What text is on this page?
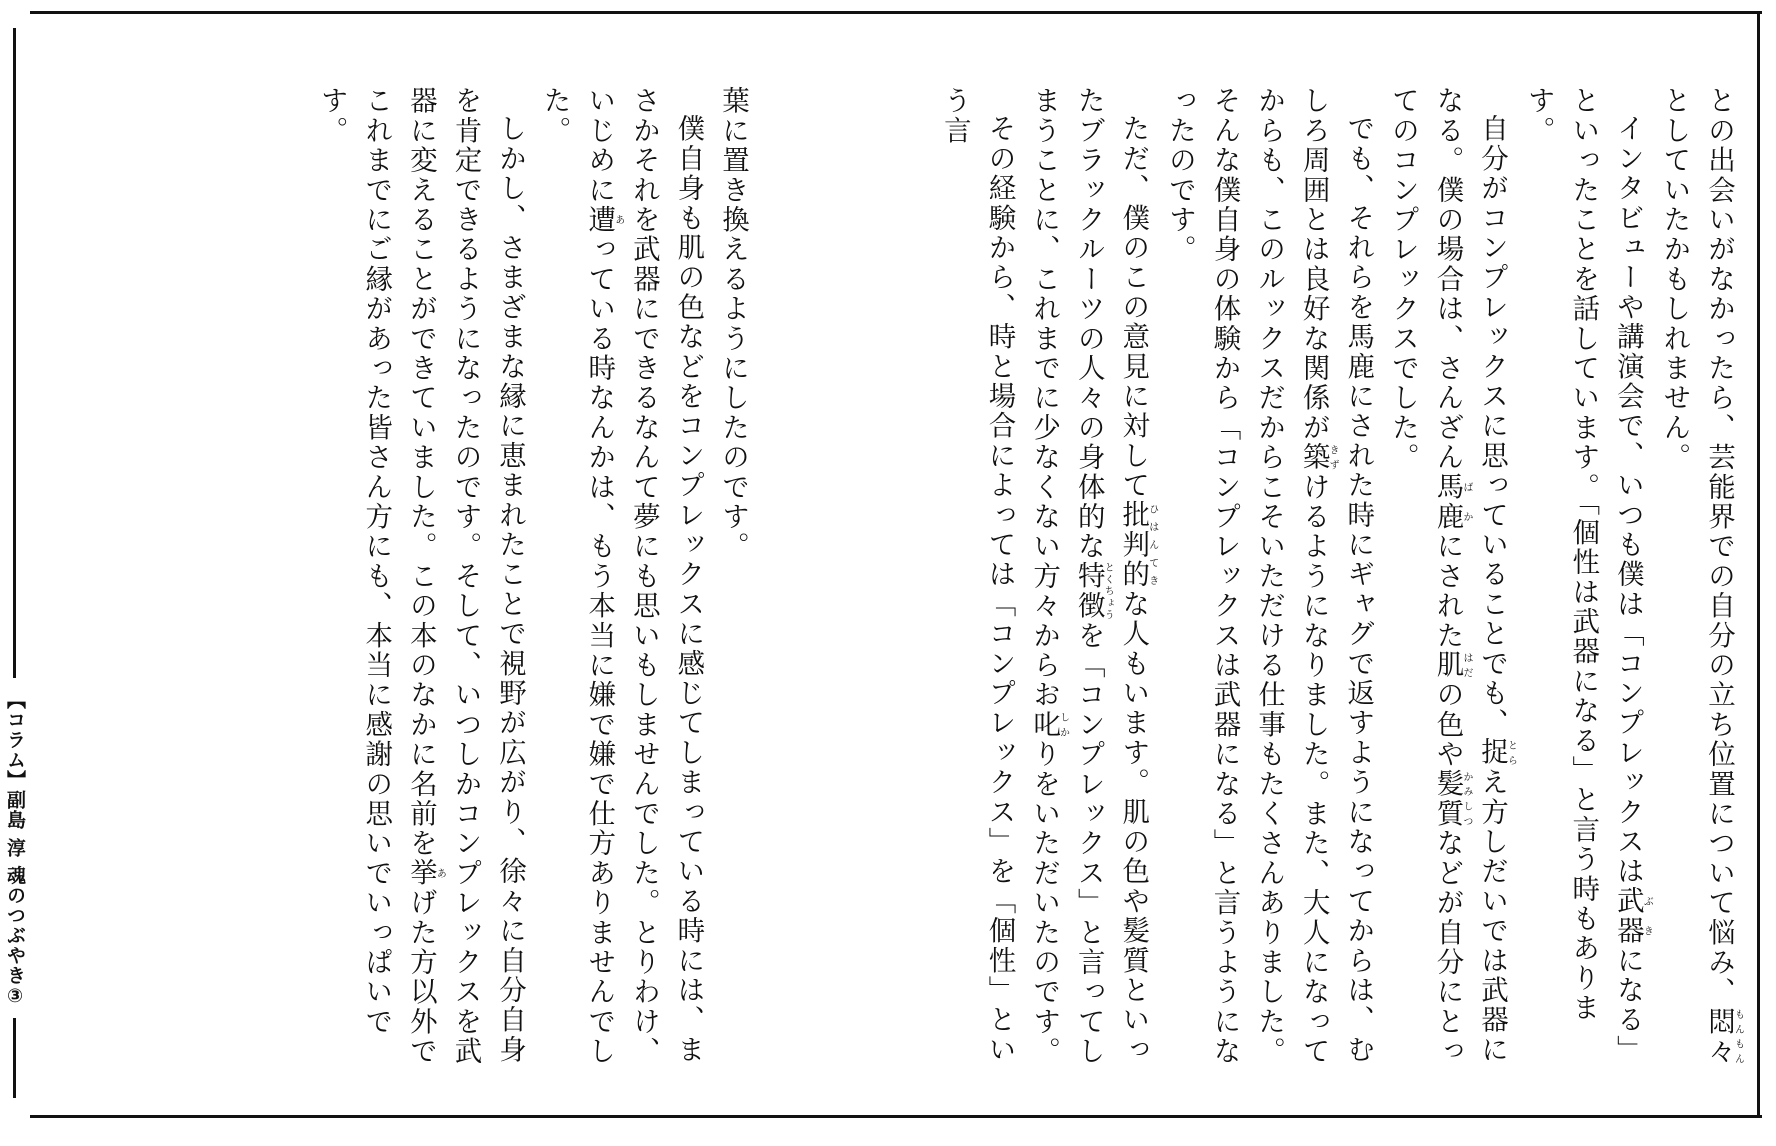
【コラム】副島 淳 魂のつぶやき③	との出会いがなかったら、芸能界での自分の立ち位置について悩み、悶々もんもんとしていたかもしれません。

インタビューや講演会で、いつも僕は「コンプレックスは武器ぶきになる」といったことを話しています。「個性は武器になる」と言う時もあります。

自分がコンプレックスに思っていることでも、捉とらえ方しだいでは武器になる。僕の場合は、さんざん馬鹿ばかにされた肌はだの色や髪質かみしつなどが自分にとってのコンプレックスでした。

でも、それらを馬鹿にされた時にギャグで返すようになってからは、むしろ周囲とは良好な関係が築きずけるようになりました。また、大人になってからも、このルックスだからこそいただける仕事もたくさんありました。そんな僕自身の体験から「コンプレックスは武器になる」と言うようになったのです。

ただ、僕のこの意見に対して批判的ひはんてきな人もいます。肌の色や髪質といったブラックルーツの人々の身体的な特徴とくちょうを「コンプレックス」と言ってしまうことに、これまでに少なくない方々からお叱しかりをいただいたのです。

その経験から、時と場合によっては「コンプレックス」を「個性」という言

葉に置き換えるようにしたのです。

僕自身も肌の色などをコンプレックスに感じてしまっている時には、まさかそれを武器にできるなんて夢にも思いもしませんでした。とりわけ、いじめに遭あっている時なんかは、もう本当に嫌で嫌で仕方ありませんでした。

しかし、さまざまな縁に恵まれたことで視野が広がり、徐々に自分自身を肯定できるようになったのです。そして、いつしかコンプレックスを武器に変えることができていました。この本のなかに名前を挙あげた方以外でこれまでにご縁があった皆さん方にも、本当に感謝の思いでいっぱいです。
